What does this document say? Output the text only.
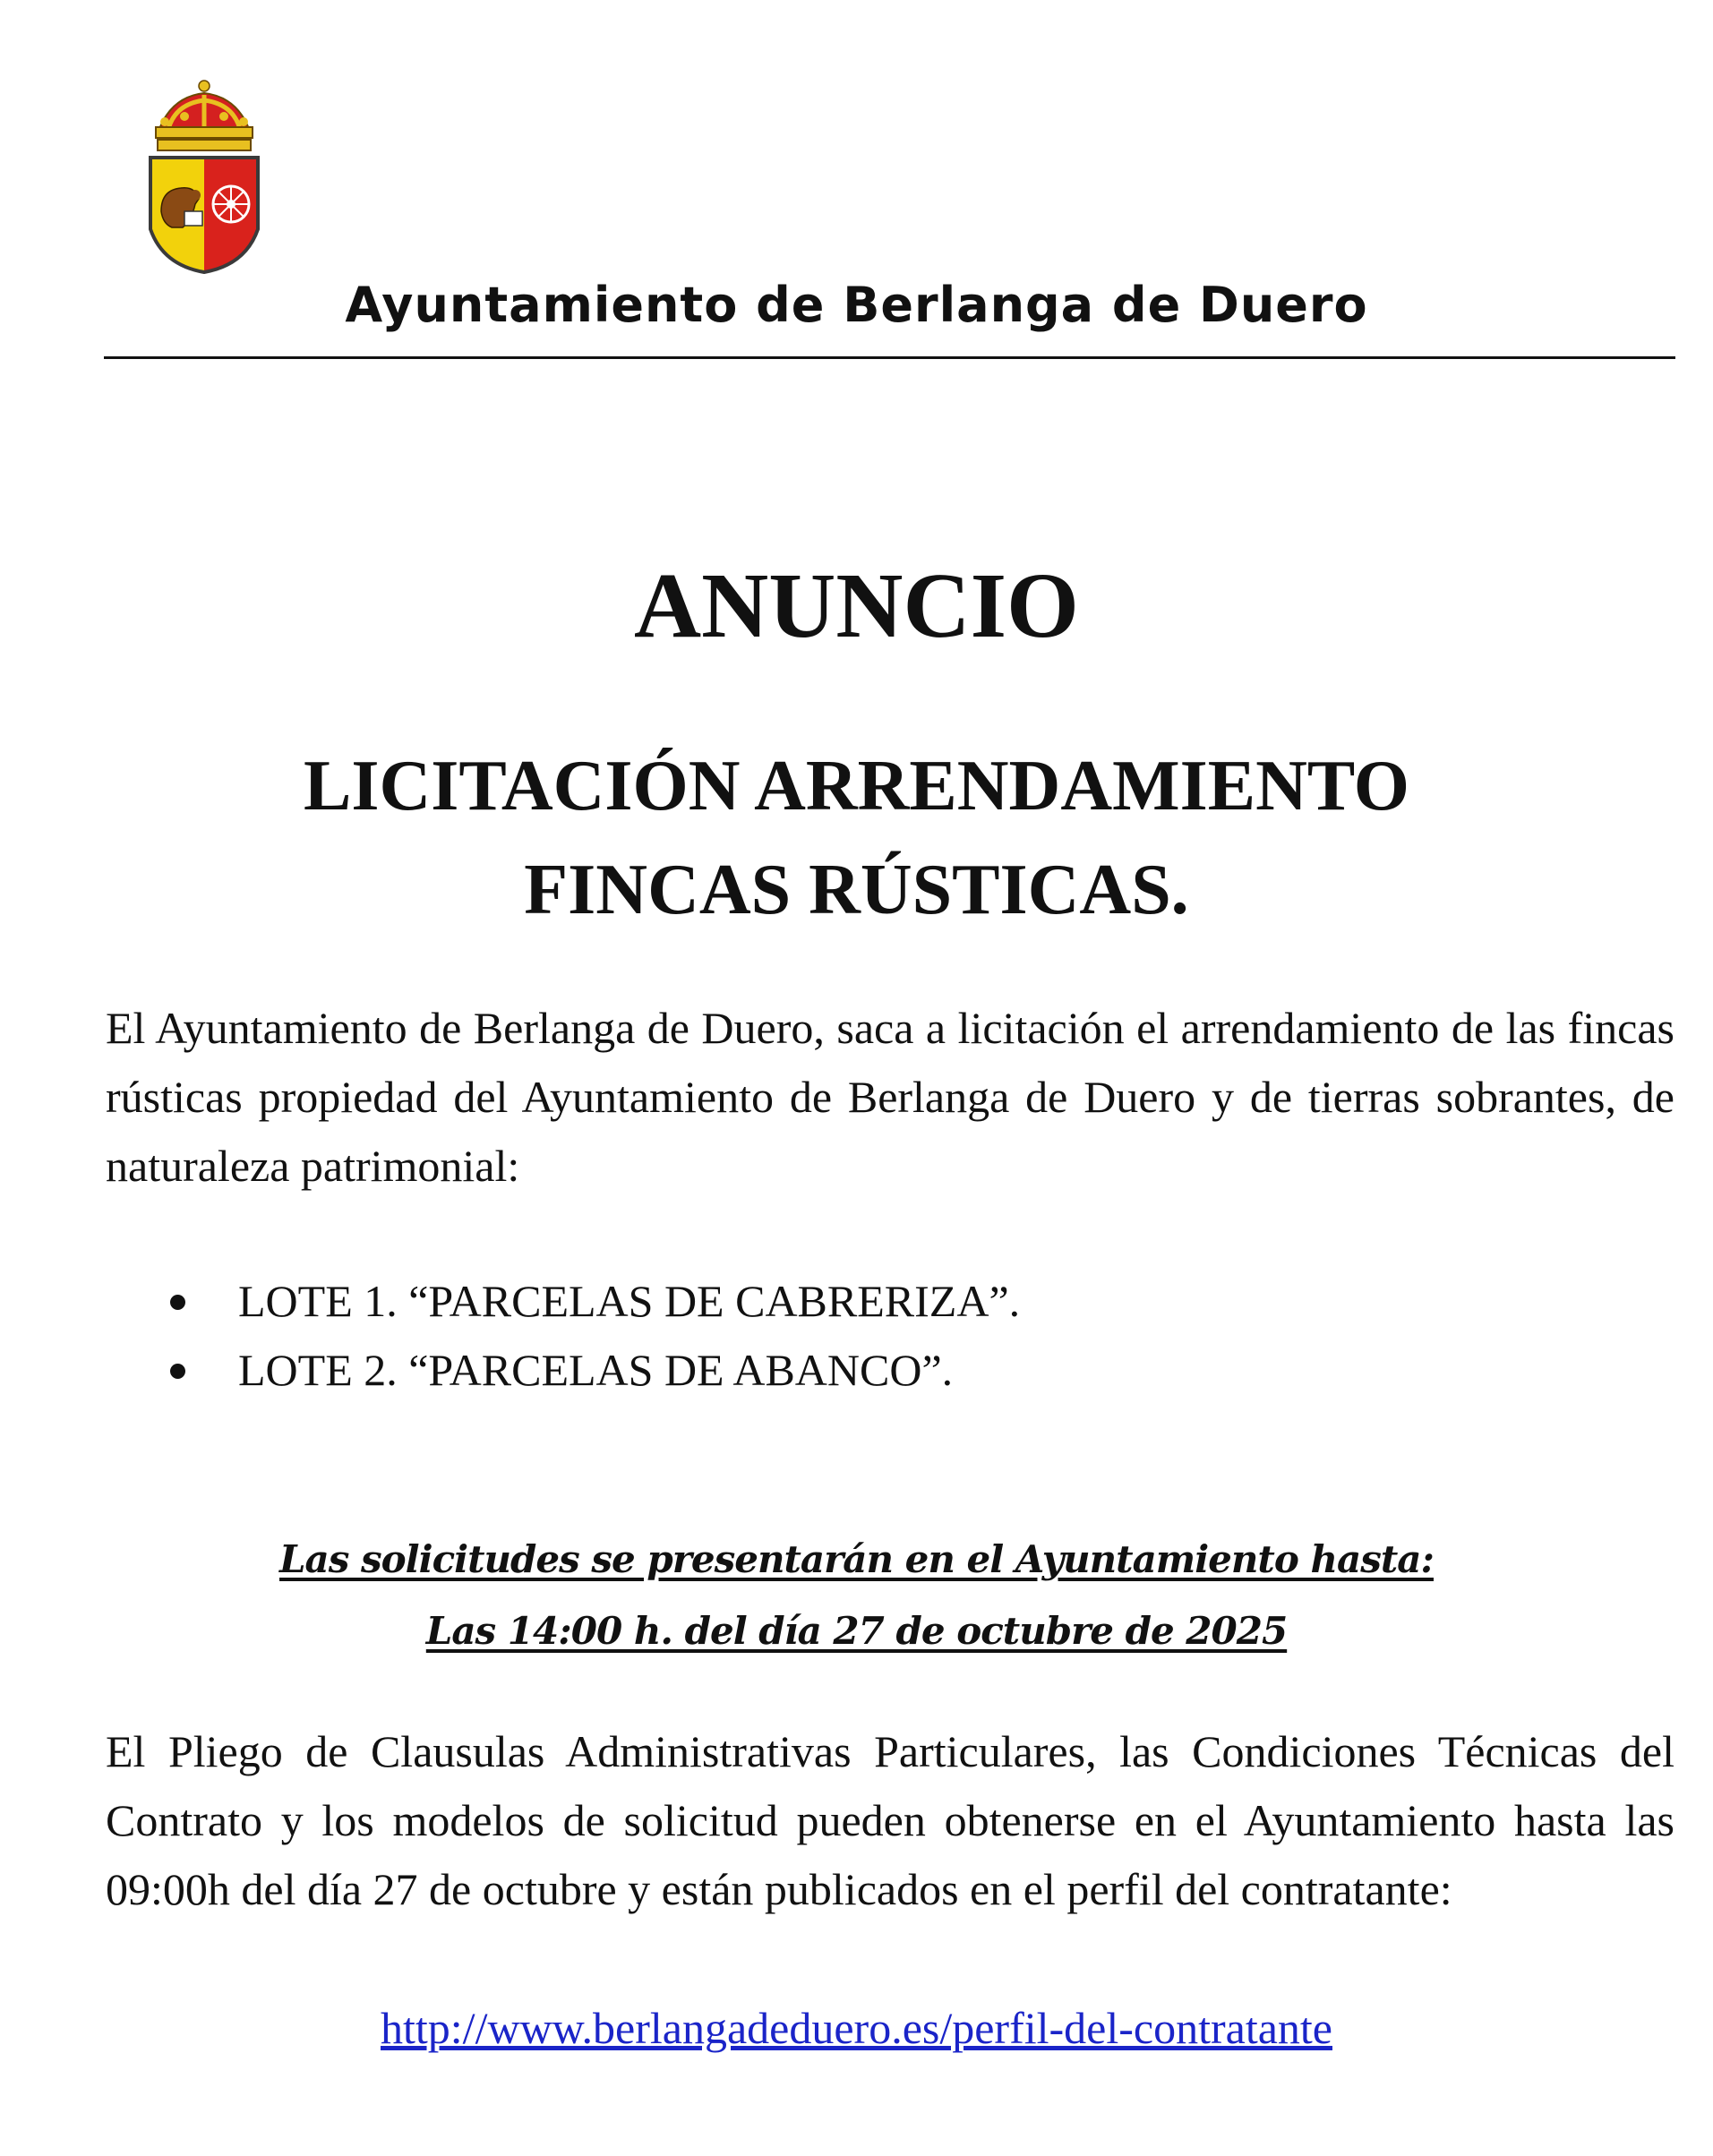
Ayuntamiento de Berlanga de Duero
ANUNCIO
LICITACIÓN ARRENDAMIENTO
FINCAS RÚSTICAS.
El Ayuntamiento de Berlanga de Duero, saca a licitación el arrendamiento de las fincas rústicas propiedad del Ayuntamiento de Berlanga de Duero y de tierras sobrantes, de naturaleza patrimonial:
LOTE 1. “PARCELAS DE CABRERIZA”.
LOTE 2. “PARCELAS DE ABANCO”.
Las solicitudes se presentarán en el Ayuntamiento hasta:
Las 14:00 h. del día 27 de octubre de 2025
El Pliego de Clausulas Administrativas Particulares, las Condiciones Técnicas del Contrato y los modelos de solicitud pueden obtenerse en el Ayuntamiento hasta las 09:00h del día 27 de octubre y están publicados en el perfil del contratante:
http://www.berlangadeduero.es/perfil-del-contratante
